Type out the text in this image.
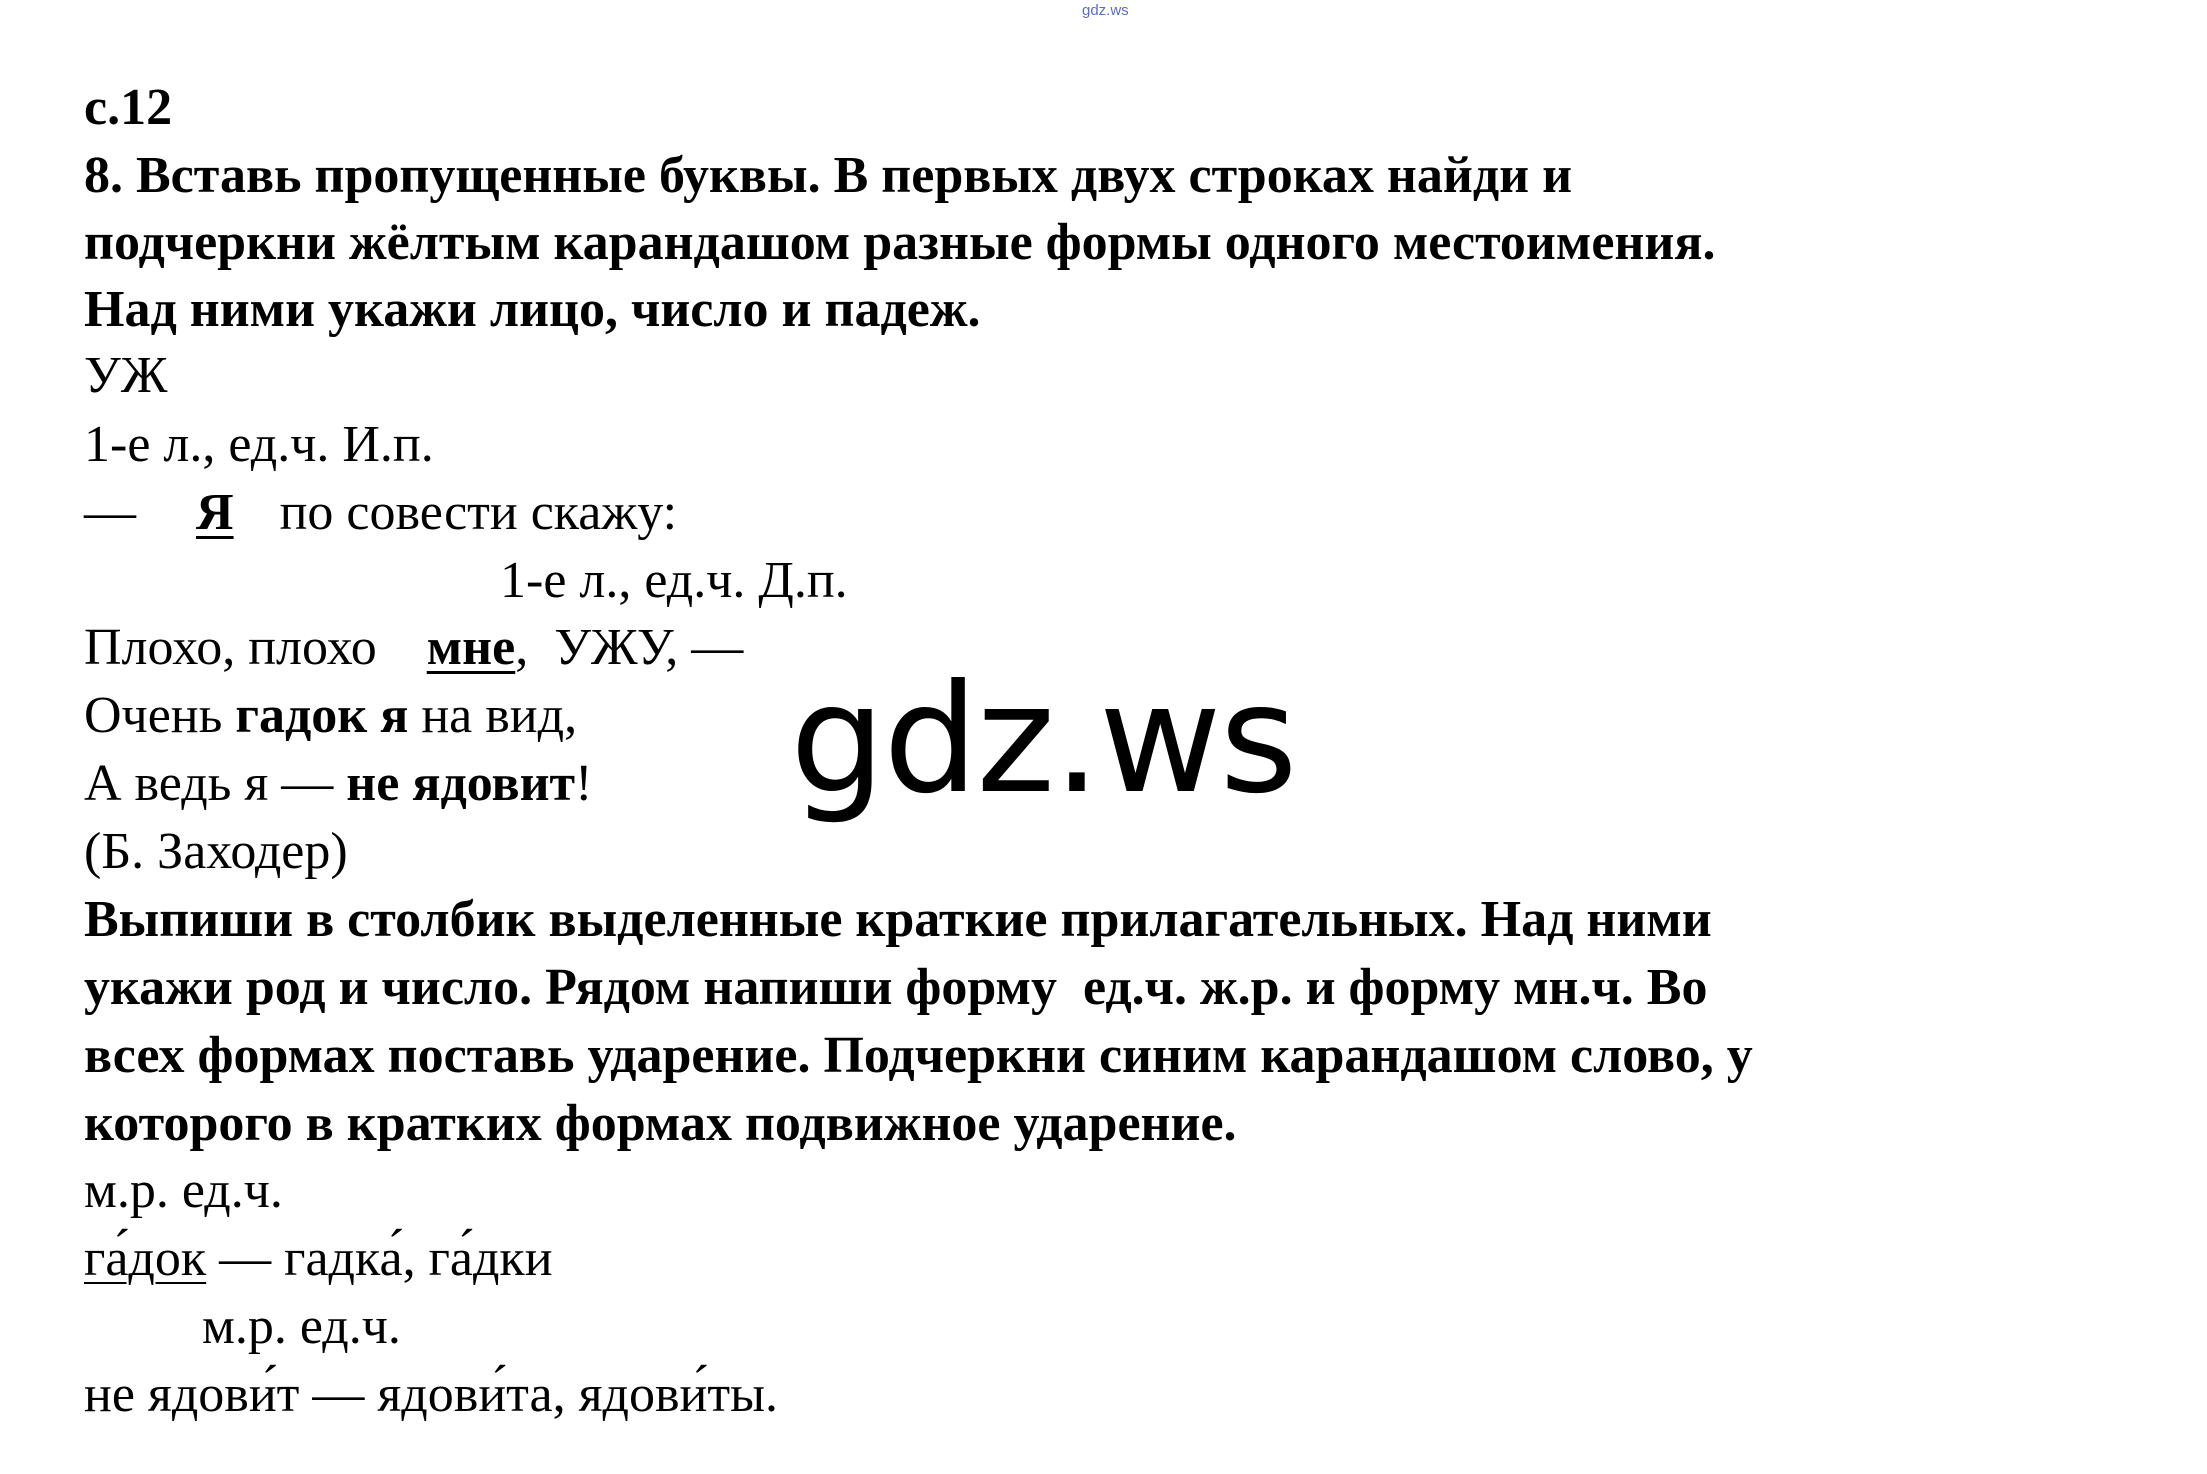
gdz.ws
с.12
8. Вставь пропущенные буквы. В первых двух строках найди и
подчеркни жёлтым карандашом разные формы одного местоимения.
Над ними укажи лицо, число и падеж.
УЖ
1-е л., ед.ч. И.п.
— Я по совести скажу:
1-е л., ед.ч. Д.п.
Плохо, плохо мне,  УЖУ, —
Очень гадок я на вид,
А ведь я — не ядовит!
(Б. Заходер)
Выпиши в столбик выделенные краткие прилагательных. Над ними
укажи род и число. Рядом напиши форму  ед.ч. ж.р. и форму мн.ч. Во
всех формах поставь ударение. Подчеркни синим карандашом слово, у
которого в кратких формах подвижное ударение.
м.р. ед.ч.
га́док — гадка́, га́дки
м.р. ед.ч.
не ядови́т — ядови́та, ядови́ты.
gdz.ws
